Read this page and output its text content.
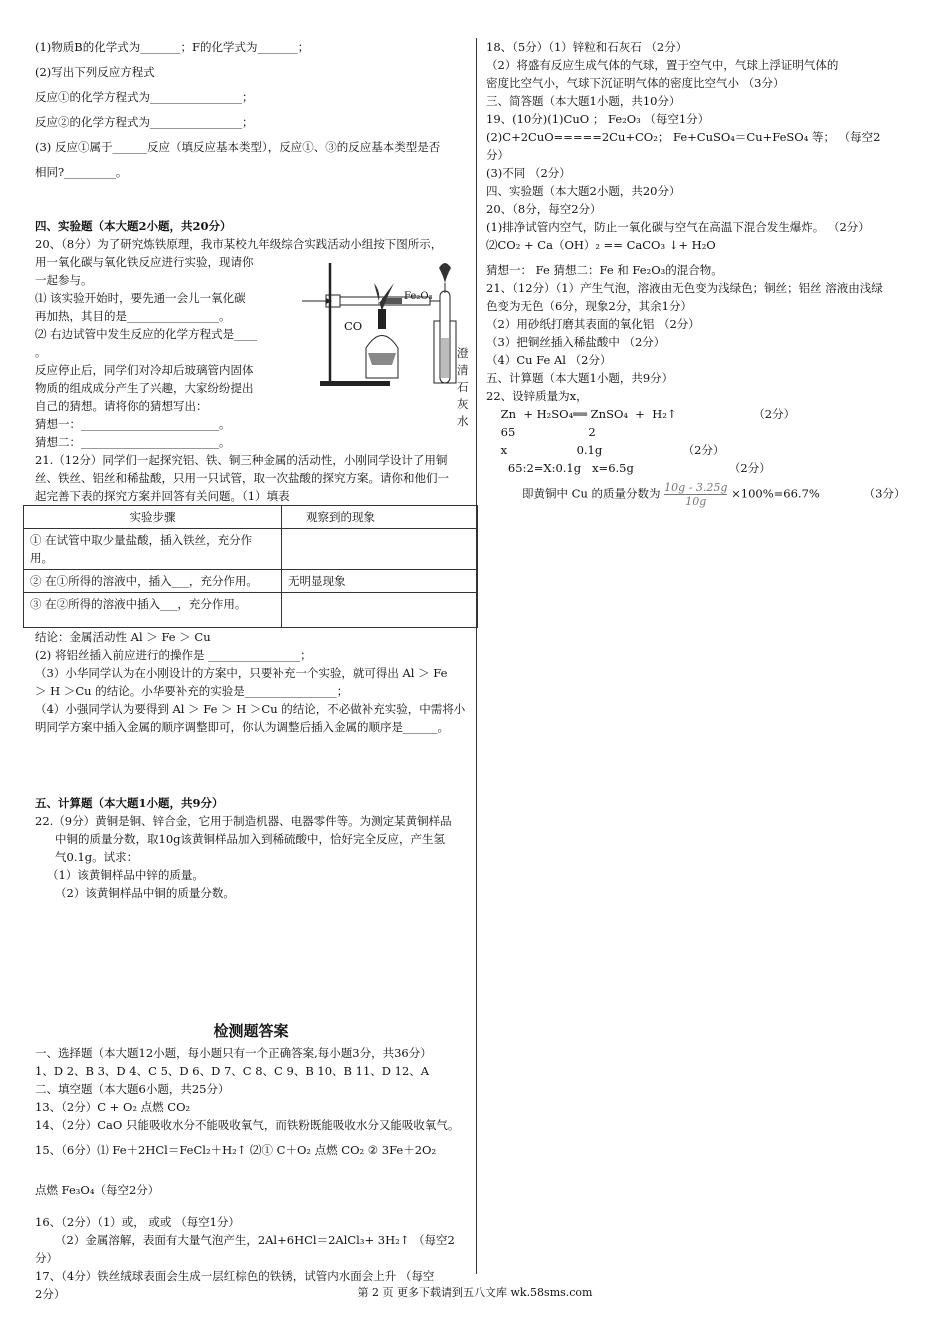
(1)物质B的化学式为_______；F的化学式为_______；

(2)写出下列反应方程式

反应①的化学方程式为________________；

反应②的化学方程式为________________；

(3) 反应①属于______反应（填反应基本类型），反应①、③的反应基本类型是否

相同?_________。

四、实验题（本大题2小题，共20分）

20、（8分）为了研究炼铁原理，我市某校九年级综合实践活动小组按下图所示，

CO
Fe₂O₃
澄清石灰水

用一氧化碳与氧化铁反应进行实验，现请你

一起参与。

⑴ 该实验开始时，要先通一会儿一氧化碳

再加热，其目的是________________。

⑵ 右边试管中发生反应的化学方程式是____

。

反应停止后，同学们对冷却后玻璃管内固体

物质的组成成分产生了兴趣，大家纷纷提出

自己的猜想。请将你的猜想写出：

猜想一：________________________。

猜想二：________________________。

21.（12分）同学们一起探究铝、铁、铜三种金属的活动性，小刚同学设计了用铜

丝、铁丝、铝丝和稀盐酸，只用一只试管，取一次盐酸的探究方案。请你和他们一

起完善下表的探究方案并回答有关问题。（1）填表

实验步骤	观察到的现象
① 在试管中取少量盐酸，插入铁丝，充分作用。	
② 在①所得的溶液中，插入___，充分作用。	无明显现象
③ 在②所得的溶液中插入___，充分作用。	

结论：金属活动性 Al ＞ Fe ＞ Cu

(2) 将铝丝插入前应进行的操作是 ________________；

（3）小华同学认为在小刚设计的方案中，只要补充一个实验，就可得出 Al ＞ Fe

＞ H ＞Cu 的结论。小华要补充的实验是________________；

（4）小强同学认为要得到 Al ＞ Fe ＞ H ＞Cu 的结论，不必做补充实验，中需将小

明同学方案中插入金属的顺序调整即可，你认为调整后插入金属的顺序是______。

五、计算题（本大题1小题，共9分）

22.（9分）黄铜是铜、锌合金，它用于制造机器、电器零件等。为测定某黄铜样品

中铜的质量分数，取10g该黄铜样品加入到稀硫酸中，恰好完全反应，产生氢

气0.1g。试求：

（1）该黄铜样品中锌的质量。

（2）该黄铜样品中铜的质量分数。

检测题答案

一、选择题（本大题12小题，每小题只有一个正确答案,每小题3分，共36分）

1、D 2、B 3、D 4、C 5、D 6、D 7、C 8、C 9、B 10、B 11、D 12、A

二、填空题（本大题6小题，共25分）

13、（2分）C + O₂ 点燃 CO₂

14、（2分）CaO 只能吸收水分不能吸收氧气，而铁粉既能吸收水分又能吸收氧气。

15、（6分）⑴ Fe＋2HCl＝FeCl₂＋H₂↑ ⑵① C＋O₂ 点燃 CO₂ ② 3Fe＋2O₂

点燃 Fe₃O₄（每空2分）

16、（2分）（1）或， 或或 （每空1分）

（2）金属溶解，表面有大量气泡产生，2Al+6HCl＝2AlCl₃+ 3H₂↑ （每空2

分）

17、（4分）铁丝绒球表面会生成一层红棕色的铁锈，试管内水面会上升 （每空

2分）

18、（5分）（1）锌粒和石灰石 （2分）

（2）将盛有反应生成气体的气球，置于空气中，气球上浮证明气体的

密度比空气小，气球下沉证明气体的密度比空气小 （3分）

三、简答题（本大题1小题，共10分）

19、(10分)(1)CuO ； Fe₂O₃ （每空1分）

(2)C+2CuO=====2Cu+CO₂； Fe+CuSO₄＝Cu+FeSO₄ 等； （每空2

分）

(3)不同 （2分）

四、实验题（本大题2小题，共20分）

20、（8分，每空2分）

(1)排净试管内空气，防止一氧化碳与空气在高温下混合发生爆炸。 （2分）

⑵CO₂ + Ca（OH）₂ == CaCO₃ ↓+ H₂O

猜想一： Fe 猜想二：Fe 和 Fe₂O₃的混合物。

21、（12分）（1）产生气泡，溶液由无色变为浅绿色；铜丝；铝丝 溶液由浅绿

色变为无色（6分，现象2分，其余1分）

（2）用砂纸打磨其表面的氧化铝 （2分）

（3）把铜丝插入稀盐酸中 （2分）

（4）Cu Fe Al （2分）

五、计算题（本大题1小题，共9分）

22、设锌质量为x，

Zn  + H₂SO₄══ ZnSO₄  +  H₂↑                     （2分）

65                    2

x                   0.1g                      （2分）

65:2=X:0.1g   x=6.5g                          （2分）

即黄铜中 Cu 的质量分数为 $\frac{10g - 3.25g}{10g} \times 100\%=66.7\%$            （3分）
第 2 页 更多下载请到五八文库 wk.58sms.com
